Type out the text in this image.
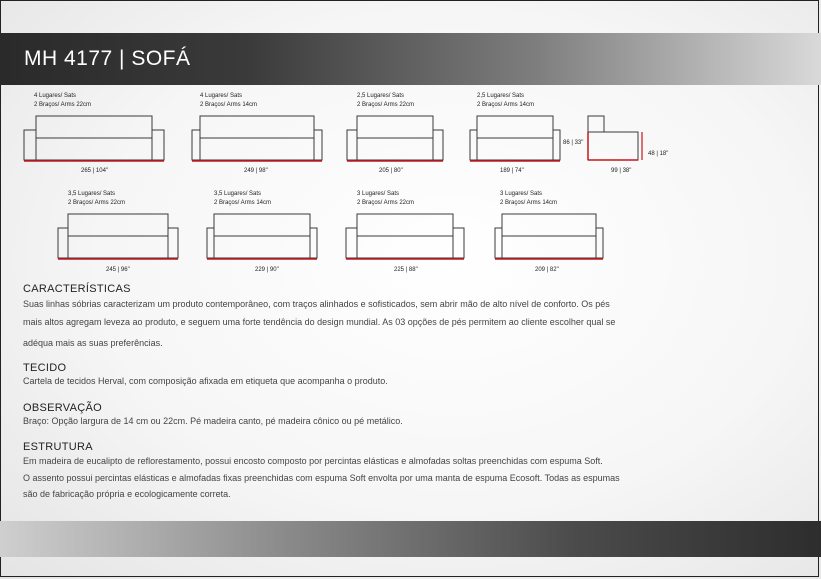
MH 4177 | SOFÁ
4 Lugares/ Sats
2 Braços/ Arms 22cm
265 | 104"
4 Lugares/ Sats
2 Braços/ Arms 14cm
249 | 98"
2,5 Lugares/ Sats
2 Braços/ Arms 22cm
205 | 80"
2,5 Lugares/ Sats
2 Braços/ Arms 14cm
189 | 74"
86 | 33"
48 | 18"
99 | 38"
3,5 Lugares/ Sats
2 Braços/ Arms 22cm
245 | 96"
3,5 Lugares/ Sats
2 Braços/ Arms 14cm
229 | 90"
3 Lugares/ Sats
2 Braços/ Arms 22cm
225 | 88"
3 Lugares/ Sats
2 Braços/ Arms 14cm
209 | 82"

CARACTERÍSTICAS

Suas linhas sóbrias caracterizam um produto contemporâneo, com traços alinhados e sofisticados, sem abrir mão de alto nível de conforto. Os pés

mais altos agregam leveza ao produto, e seguem uma forte tendência do design mundial. As 03 opções de pés permitem ao cliente escolher qual se

adéqua mais as suas preferências.

TECIDO

Cartela de tecidos Herval, com composição afixada em etiqueta que acompanha o produto.

OBSERVAÇÃO

Braço: Opção largura de 14 cm ou 22cm. Pé madeira canto, pé madeira cônico ou pé metálico.

ESTRUTURA

Em madeira de eucalipto de reflorestamento, possui encosto composto por percintas elásticas e almofadas soltas preenchidas com espuma Soft.

O assento possui percintas elásticas e almofadas fixas preenchidas com espuma Soft envolta por uma manta de espuma Ecosoft. Todas as espumas

são de fabricação própria e ecologicamente correta.
